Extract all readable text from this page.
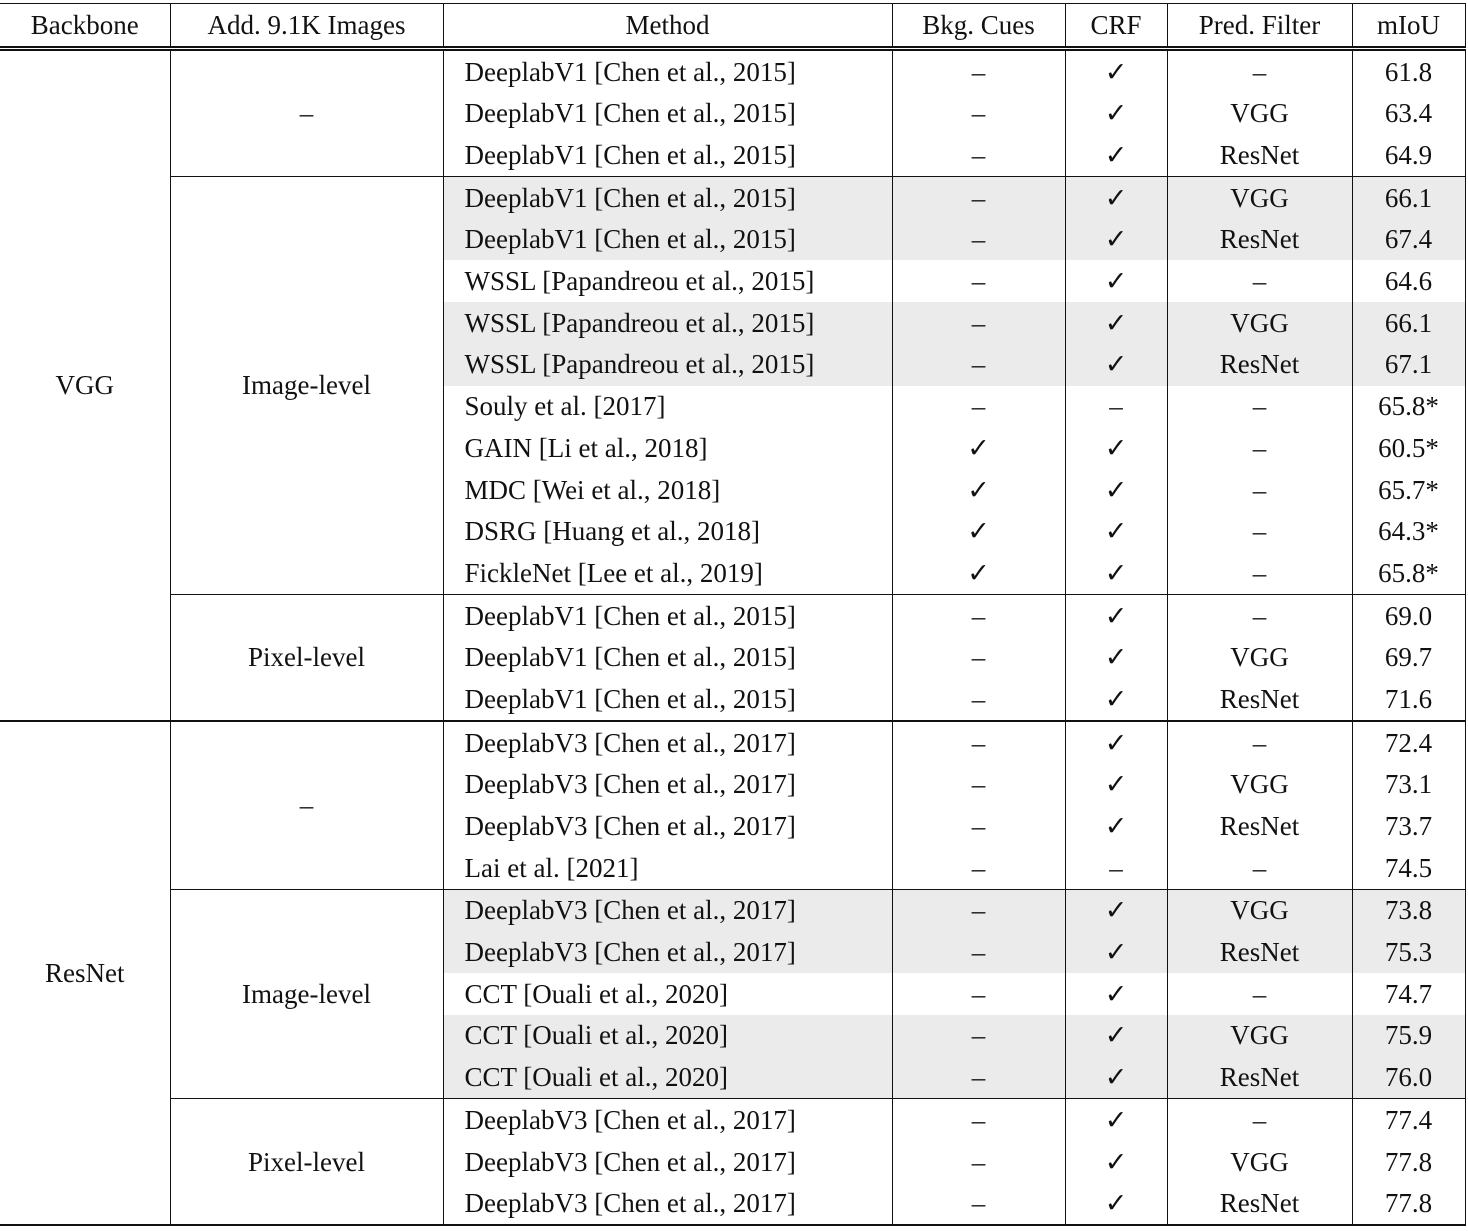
Backbone	Add. 9.1K Images	Method	Bkg. Cues	CRF	Pred. Filter	mIoU
VGG	–	DeeplabV1 [Chen et al., 2015]	–	✓	–	61.8
		DeeplabV1 [Chen et al., 2015]	–	✓	VGG	63.4
		DeeplabV1 [Chen et al., 2015]	–	✓	ResNet	64.9
	Image-level	DeeplabV1 [Chen et al., 2015]	–	✓	VGG	66.1
		DeeplabV1 [Chen et al., 2015]	–	✓	ResNet	67.4
		WSSL [Papandreou et al., 2015]	–	✓	–	64.6
		WSSL [Papandreou et al., 2015]	–	✓	VGG	66.1
		WSSL [Papandreou et al., 2015]	–	✓	ResNet	67.1
		Souly et al. [2017]	–	–	–	65.8*
		GAIN [Li et al., 2018]	✓	✓	–	60.5*
		MDC [Wei et al., 2018]	✓	✓	–	65.7*
		DSRG [Huang et al., 2018]	✓	✓	–	64.3*
		FickleNet [Lee et al., 2019]	✓	✓	–	65.8*
	Pixel-level	DeeplabV1 [Chen et al., 2015]	–	✓	–	69.0
		DeeplabV1 [Chen et al., 2015]	–	✓	VGG	69.7
		DeeplabV1 [Chen et al., 2015]	–	✓	ResNet	71.6
ResNet	–	DeeplabV3 [Chen et al., 2017]	–	✓	–	72.4
		DeeplabV3 [Chen et al., 2017]	–	✓	VGG	73.1
		DeeplabV3 [Chen et al., 2017]	–	✓	ResNet	73.7
		Lai et al. [2021]	–	–	–	74.5
	Image-level	DeeplabV3 [Chen et al., 2017]	–	✓	VGG	73.8
		DeeplabV3 [Chen et al., 2017]	–	✓	ResNet	75.3
		CCT [Ouali et al., 2020]	–	✓	–	74.7
		CCT [Ouali et al., 2020]	–	✓	VGG	75.9
		CCT [Ouali et al., 2020]	–	✓	ResNet	76.0
	Pixel-level	DeeplabV3 [Chen et al., 2017]	–	✓	–	77.4
		DeeplabV3 [Chen et al., 2017]	–	✓	VGG	77.8
		DeeplabV3 [Chen et al., 2017]	–	✓	ResNet	77.8
